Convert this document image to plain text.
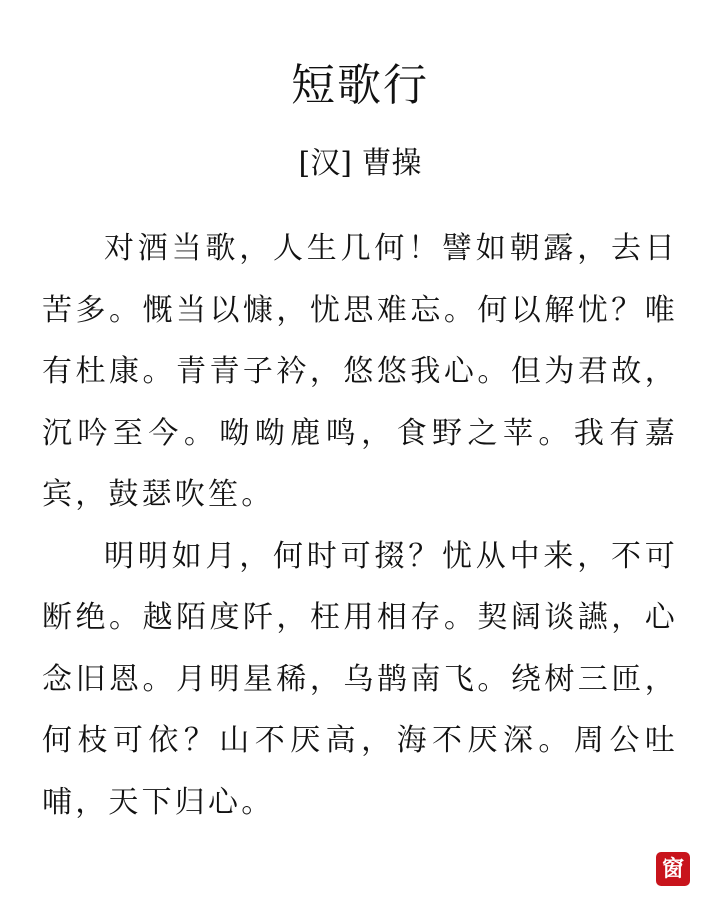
短歌行
[汉] 曹操

对酒当歌，人生几何！譬如朝露，去日苦多。慨当以慷，忧思难忘。何以解忧？唯有杜康。青青子衿，悠悠我心。但为君故，沉吟至今。呦呦鹿鸣，食野之苹。我有嘉宾，鼓瑟吹笙。

明明如月，何时可掇？忧从中来，不可断绝。越陌度阡，枉用相存。契阔谈讌，心念旧恩。月明星稀，乌鹊南飞。绕树三匝，何枝可依？山不厌高，海不厌深。周公吐哺，天下归心。

窗
